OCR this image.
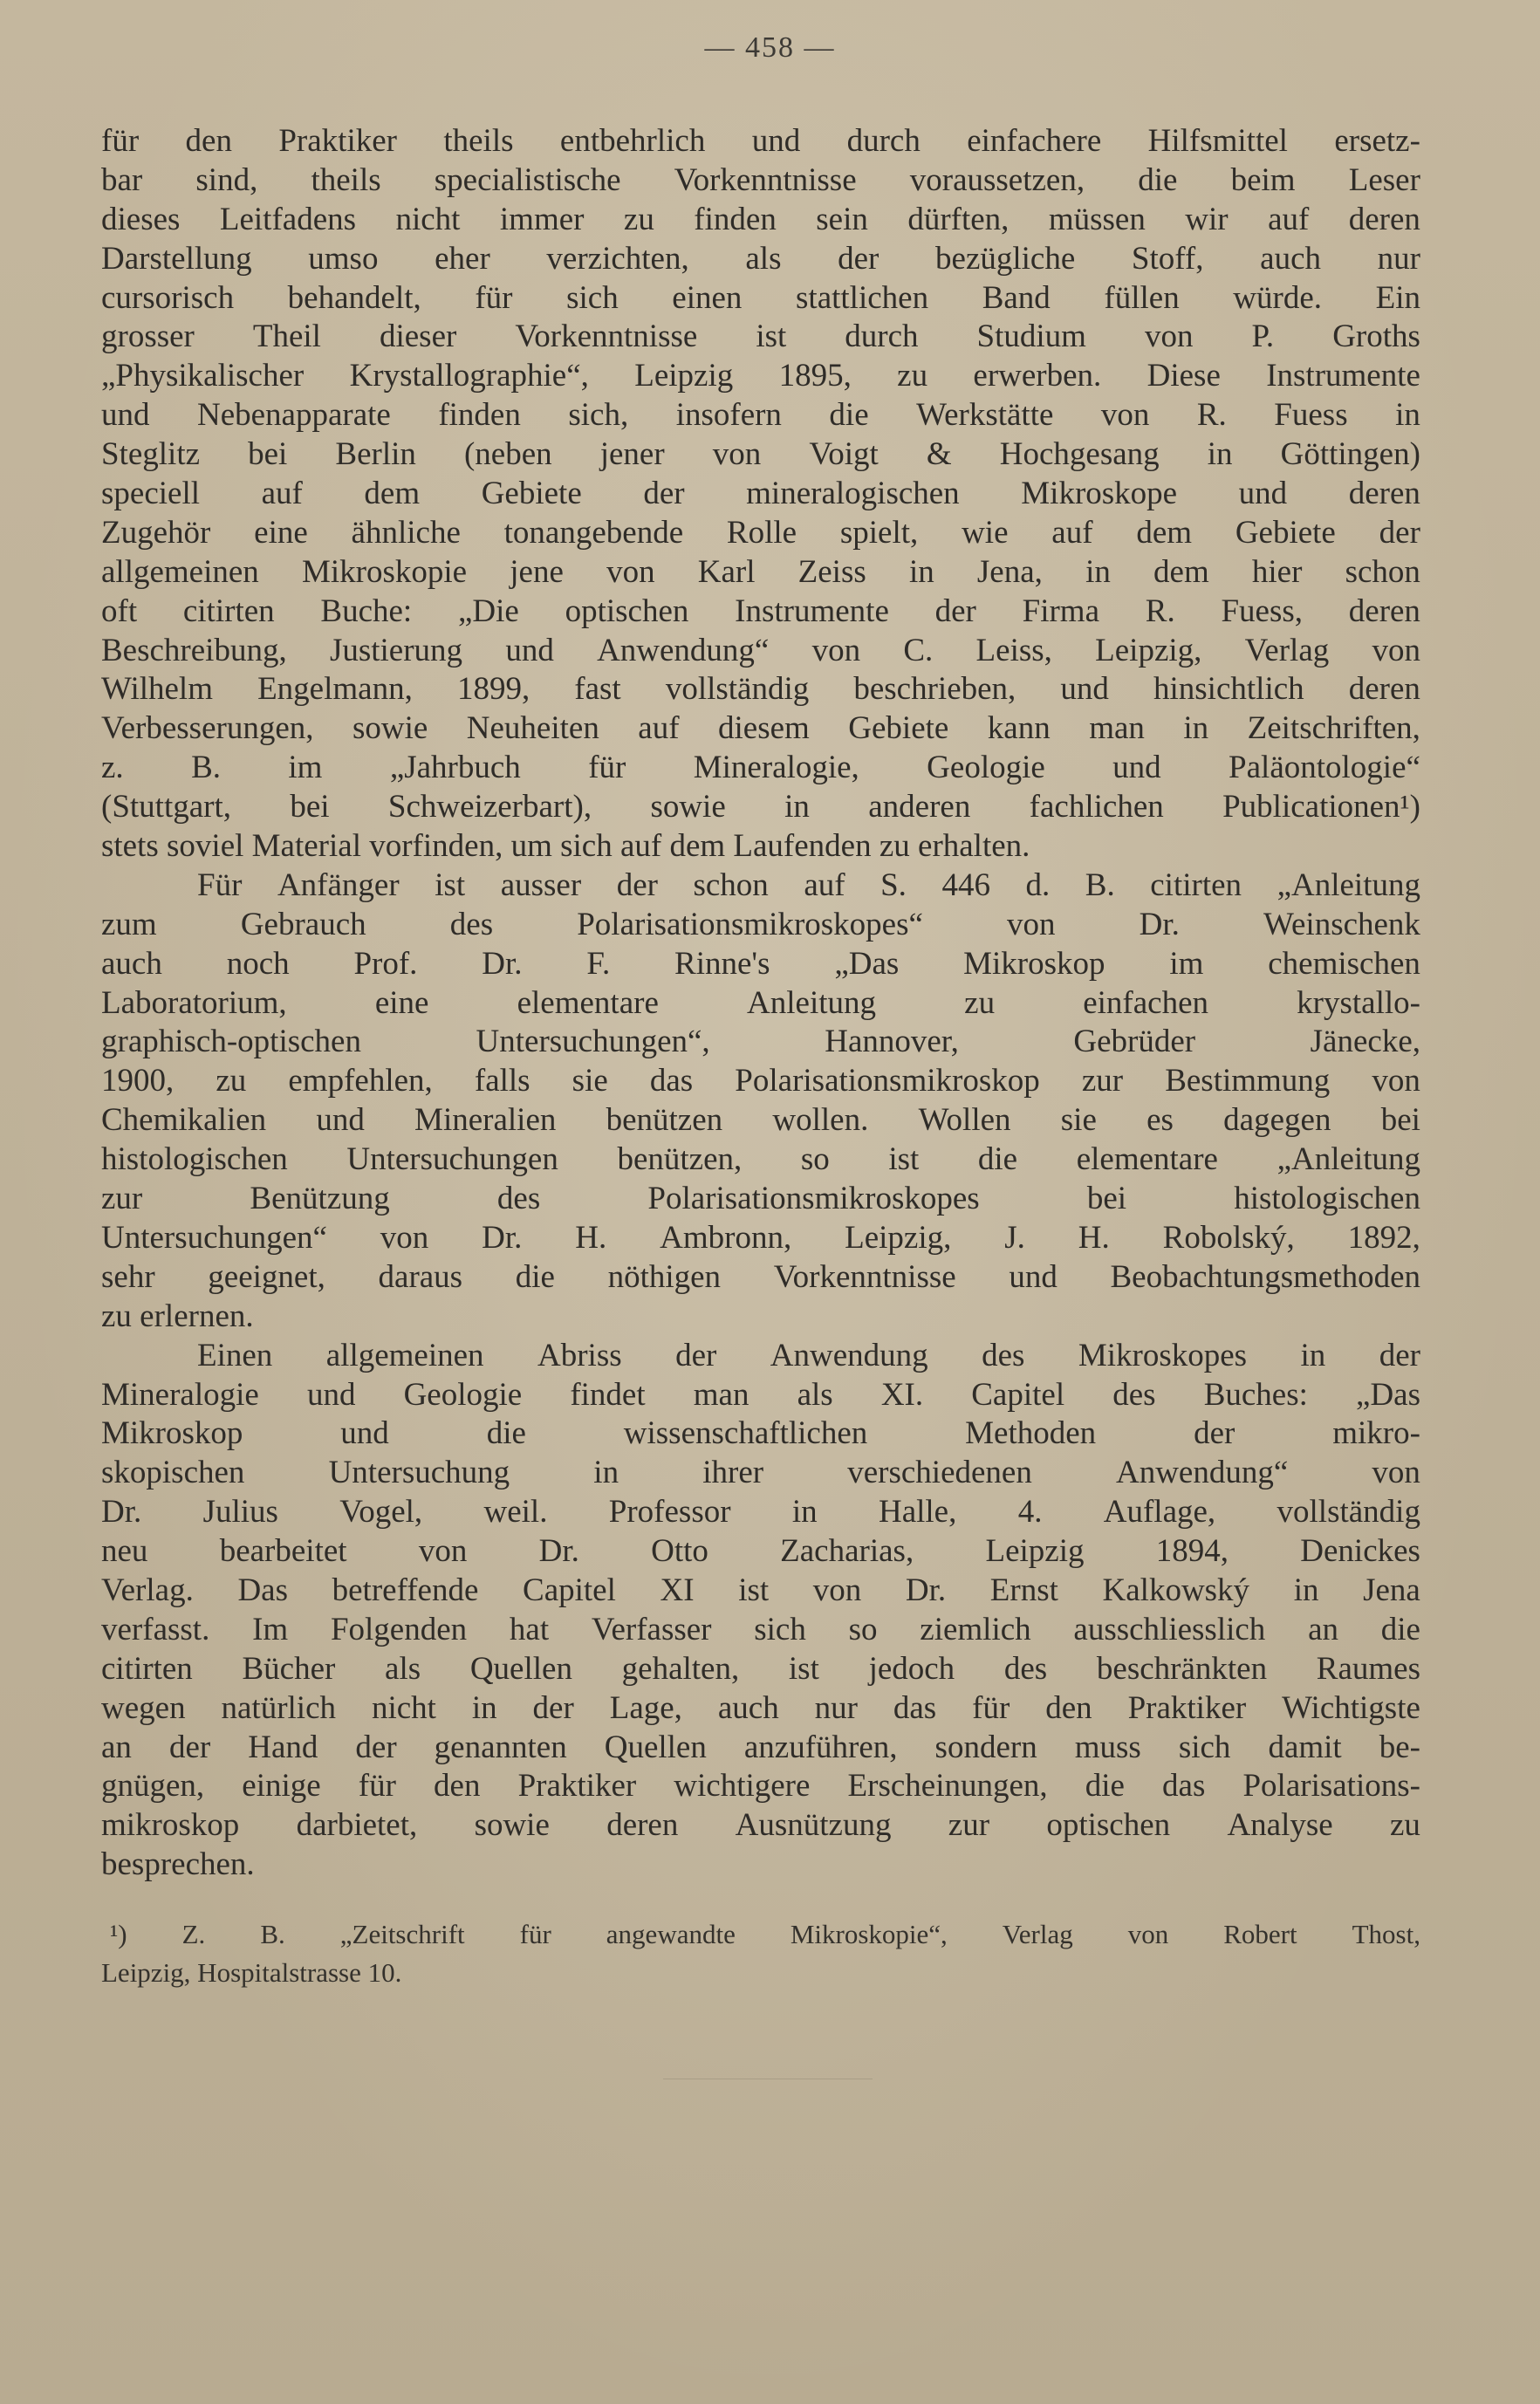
— 458 —
für den Praktiker theils entbehrlich und durch einfachere Hilfsmittel ersetz-
bar sind, theils specialistische Vorkenntnisse voraussetzen, die beim Leser
dieses Leitfadens nicht immer zu finden sein dürften, müssen wir auf deren
Darstellung umso eher verzichten, als der bezügliche Stoff, auch nur
cursorisch behandelt, für sich einen stattlichen Band füllen würde. Ein
grosser Theil dieser Vorkenntnisse ist durch Studium von P. Groths
„Physikalischer Krystallographie“, Leipzig 1895, zu erwerben. Diese Instrumente
und Nebenapparate finden sich, insofern die Werkstätte von R. Fuess in
Steglitz bei Berlin (neben jener von Voigt & Hochgesang in Göttingen)
speciell auf dem Gebiete der mineralogischen Mikroskope und deren
Zugehör eine ähnliche tonangebende Rolle spielt, wie auf dem Gebiete der
allgemeinen Mikroskopie jene von Karl Zeiss in Jena, in dem hier schon
oft citirten Buche: „Die optischen Instrumente der Firma R. Fuess, deren
Beschreibung, Justierung und Anwendung“ von C. Leiss, Leipzig, Verlag von
Wilhelm Engelmann, 1899, fast vollständig beschrieben, und hinsichtlich deren
Verbesserungen, sowie Neuheiten auf diesem Gebiete kann man in Zeitschriften,
z. B. im „Jahrbuch für Mineralogie, Geologie und Paläontologie“
(Stuttgart, bei Schweizerbart), sowie in anderen fachlichen Publicationen¹)
stets soviel Material vorfinden, um sich auf dem Laufenden zu erhalten.
Für Anfänger ist ausser der schon auf S. 446 d. B. citirten „Anleitung
zum	Gebrauch	des	Polarisationsmikroskopes“	von	Dr.	Weinschenk
auch noch Prof. Dr. F. Rinne's „Das Mikroskop im chemischen
Laboratorium,	eine	elementare	Anleitung	zu	einfachen	krystallo-
graphisch-optischen	Untersuchungen“,	Hannover,	Gebrüder	Jänecke,
1900, zu empfehlen, falls sie das Polarisationsmikroskop zur Bestimmung von
Chemikalien und Mineralien benützen wollen. Wollen sie es dagegen bei
histologischen Untersuchungen benützen, so ist die elementare „Anleitung
zur	Benützung	des	Polarisationsmikroskopes	bei	histologischen
Untersuchungen“ von Dr. H. Ambronn, Leipzig, J. H. Robolský, 1892,
sehr geeignet, daraus die nöthigen Vorkenntnisse und Beobachtungsmethoden
zu erlernen.
Einen allgemeinen Abriss der Anwendung des Mikroskopes in der
Mineralogie und Geologie findet man als XI. Capitel des Buches: „Das
Mikroskop	und	die	wissenschaftlichen	Methoden	der	mikro-
skopischen	Untersuchung	in	ihrer	verschiedenen	Anwendung“	von
Dr. Julius Vogel, weil. Professor in Halle, 4. Auflage, vollständig
neu bearbeitet von Dr. Otto Zacharias, Leipzig 1894, Denickes
Verlag. Das betreffende Capitel XI ist von Dr. Ernst Kalkowský in Jena
verfasst. Im Folgenden hat Verfasser sich so ziemlich ausschliesslich an die
citirten Bücher als Quellen gehalten, ist jedoch des beschränkten Raumes
wegen natürlich nicht in der Lage, auch nur das für den Praktiker Wichtigste
an der Hand der genannten Quellen anzuführen, sondern muss sich damit be-
gnügen, einige für den Praktiker wichtigere Erscheinungen, die das Polarisations-
mikroskop darbietet, sowie deren Ausnützung zur optischen Analyse zu
besprechen.
¹) Z. B. „Zeitschrift für angewandte Mikroskopie“, Verlag von Robert Thost,
Leipzig, Hospitalstrasse 10.
